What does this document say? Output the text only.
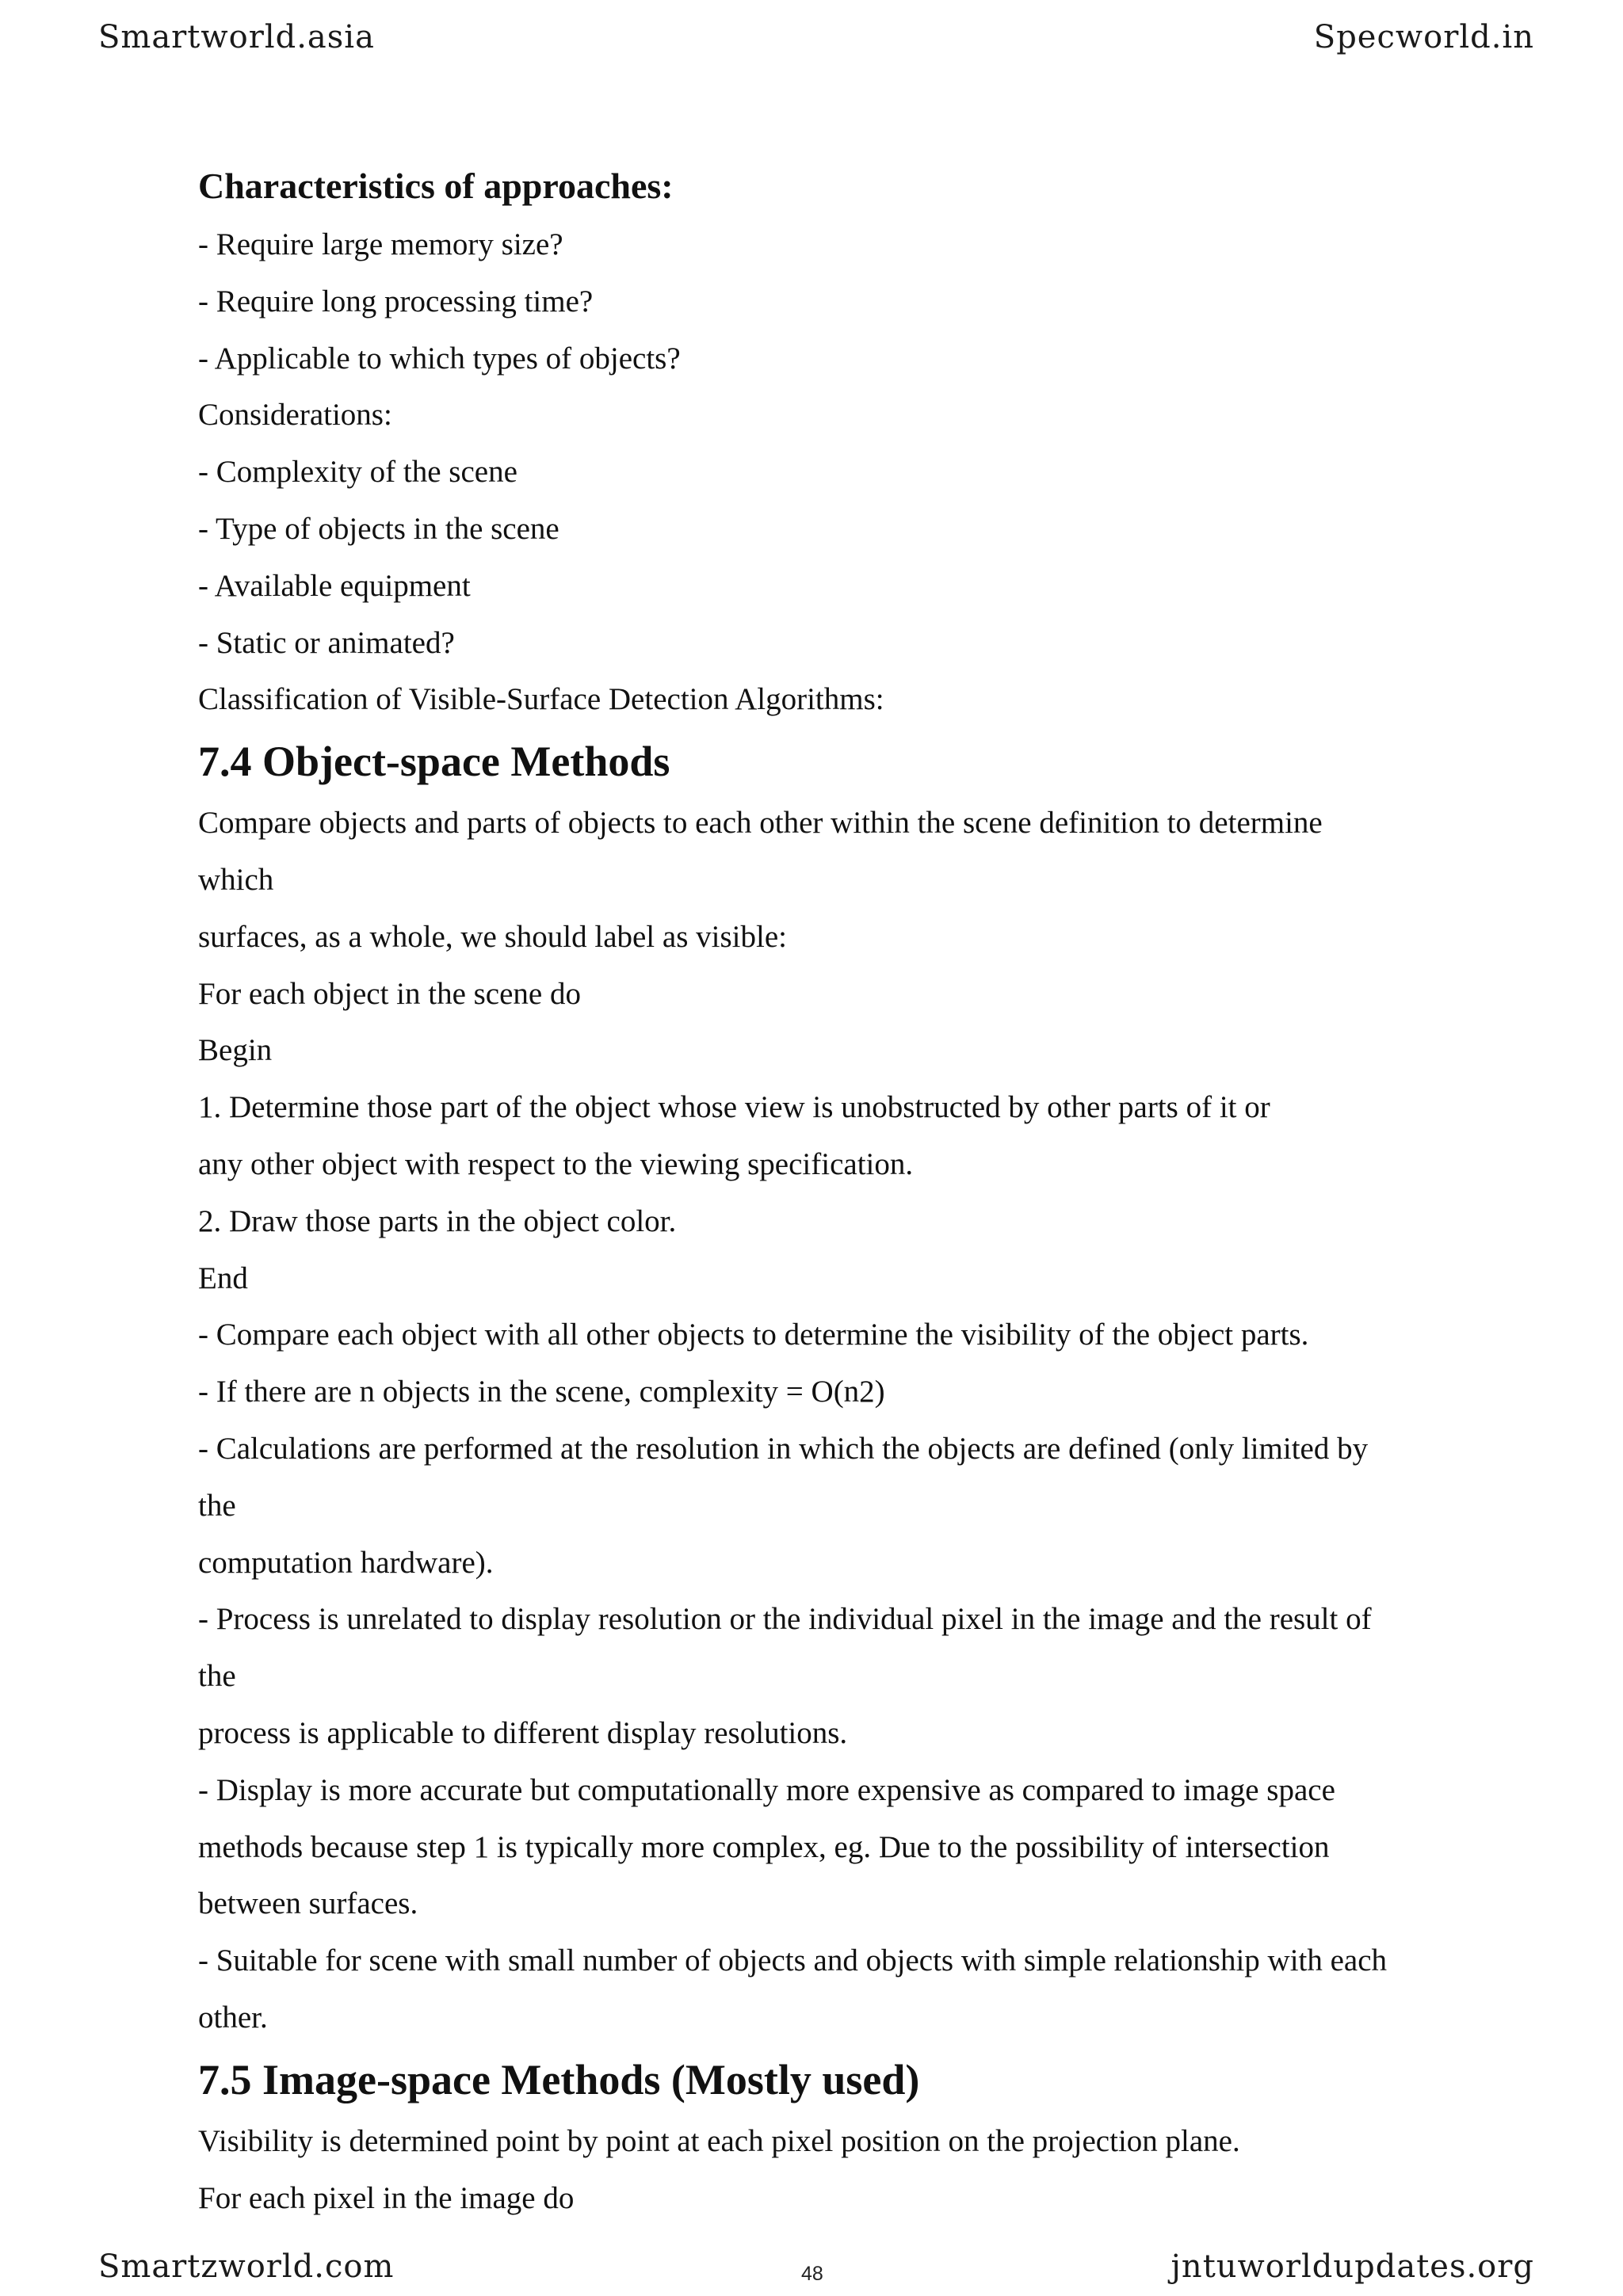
Smartworld.asia	Specworld.in
Characteristics of approaches:
- Require large memory size?
- Require long processing time?
- Applicable to which types of objects?
Considerations:
- Complexity of the scene
- Type of objects in the scene
- Available equipment
- Static or animated?
Classification of Visible-Surface Detection Algorithms:
7.4 Object-space Methods
Compare objects and parts of objects to each other within the scene definition to determine
which
surfaces, as a whole, we should label as visible:
For each object in the scene do
Begin
1. Determine those part of the object whose view is unobstructed by other parts of it or
any other object with respect to the viewing specification.
2. Draw those parts in the object color.
End
- Compare each object with all other objects to determine the visibility of the object parts.
- If there are n objects in the scene, complexity = O(n2)
- Calculations are performed at the resolution in which the objects are defined (only limited by
the
computation hardware).
- Process is unrelated to display resolution or the individual pixel in the image and the result of
the
process is applicable to different display resolutions.
- Display is more accurate but computationally more expensive as compared to image space
methods because step 1 is typically more complex, eg. Due to the possibility of intersection
between surfaces.
- Suitable for scene with small number of objects and objects with simple relationship with each
other.
7.5 Image-space Methods (Mostly used)
Visibility is determined point by point at each pixel position on the projection plane.
For each pixel in the image do
Smartzworld.com	48	jntuworldupdates.org
